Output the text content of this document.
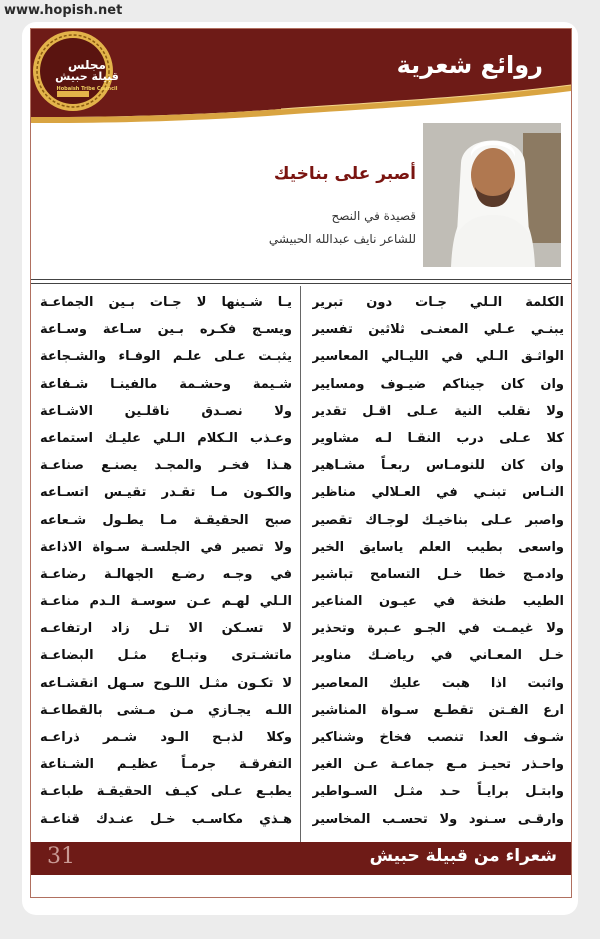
www.hopish.net
مجلس
قبيلة حبيش
Hobaish Tribe Council
روائع شعرية
أصبر على بناخيك
قصيدة في النصح
للشاعر نايف عبدالله الحبيشي
الكلمة الـلي جـات دون تبرير
يبنـي عـلي المعنـى ثلاثين تفسير
الواثـق الـلي في الليـالي المعاسير
وان كان جيناكم ضيـوف ومسايير
ولا نقلب النية عـلى اقـل تقدير
كلا عـلى درب النقـا لـه مشاوير
وان كان للنومـاس ربعـاً مشـاهير
النـاس تبنـي في العـلالي مناظير
واصبر عـلى بناخيـك لوجـاك تقصير
واسعى بطيب العلم ياسايق الخير
وادمـج خطا خـل التسامح تباشير
الطيب طنخة في عيـون المناعير
ولا غيمـت في الجـو عـبرة وتحذير
خـل المعـاني في رياضـك مناوير
واثبت اذا هبت عليك المعاصير
ارع الفـتن تقطـع سـواة المناشير
شـوف العدا تنصب فخاخ وشناكير
واحـذر تحيـز مـع جماعـة عـن الغير
وابتـل برايـاً حـد مثـل السـواطير
وارقـى سـنود ولا تحسـب المخاسير
يـا شـينها لا جـات بـين الجماعـة
ويسـج فكـره بـين سـاعة وسـاعة
يثبـت عـلى علـم الوفـاء والشـجاعة
شـيمة وحشـمة مالفينـا شـفاعة
ولا نصـدق ناقلـين الاشـاعة
وعـذب الـكلام الـلي عليـك استماعه
هـذا فخـر والمجـد يصنـع صناعـة
والكـون مـا تقـدر تقيـس اتسـاعه
صبح الحقيقـة مـا يطـول شـعاعه
ولا تصير في الجلسـة سـواة الاذاعة
في وجـه رضـع الجهالـة رضاعـة
الـلي لهـم عـن سوسـة الـدم مناعـة
لا تسـكن الا تـل زاد ارتفاعـه
ماتشـترى وتبـاع مثـل البضاعـة
لا تكـون مثـل اللـوح سـهل انقشـاعه
اللـه يجـازي مـن مـشى بالقطاعـة
وكلا لذبـح الـود شـمر ذراعـه
التفرقـة جرمـاً عظيـم الشـناعة
يطبـع عـلى كيـف الحقيقـة طباعـة
هـذي مكاسـب خـل عنـدك قناعـة
31	شعراء من قبيلة حبيش
